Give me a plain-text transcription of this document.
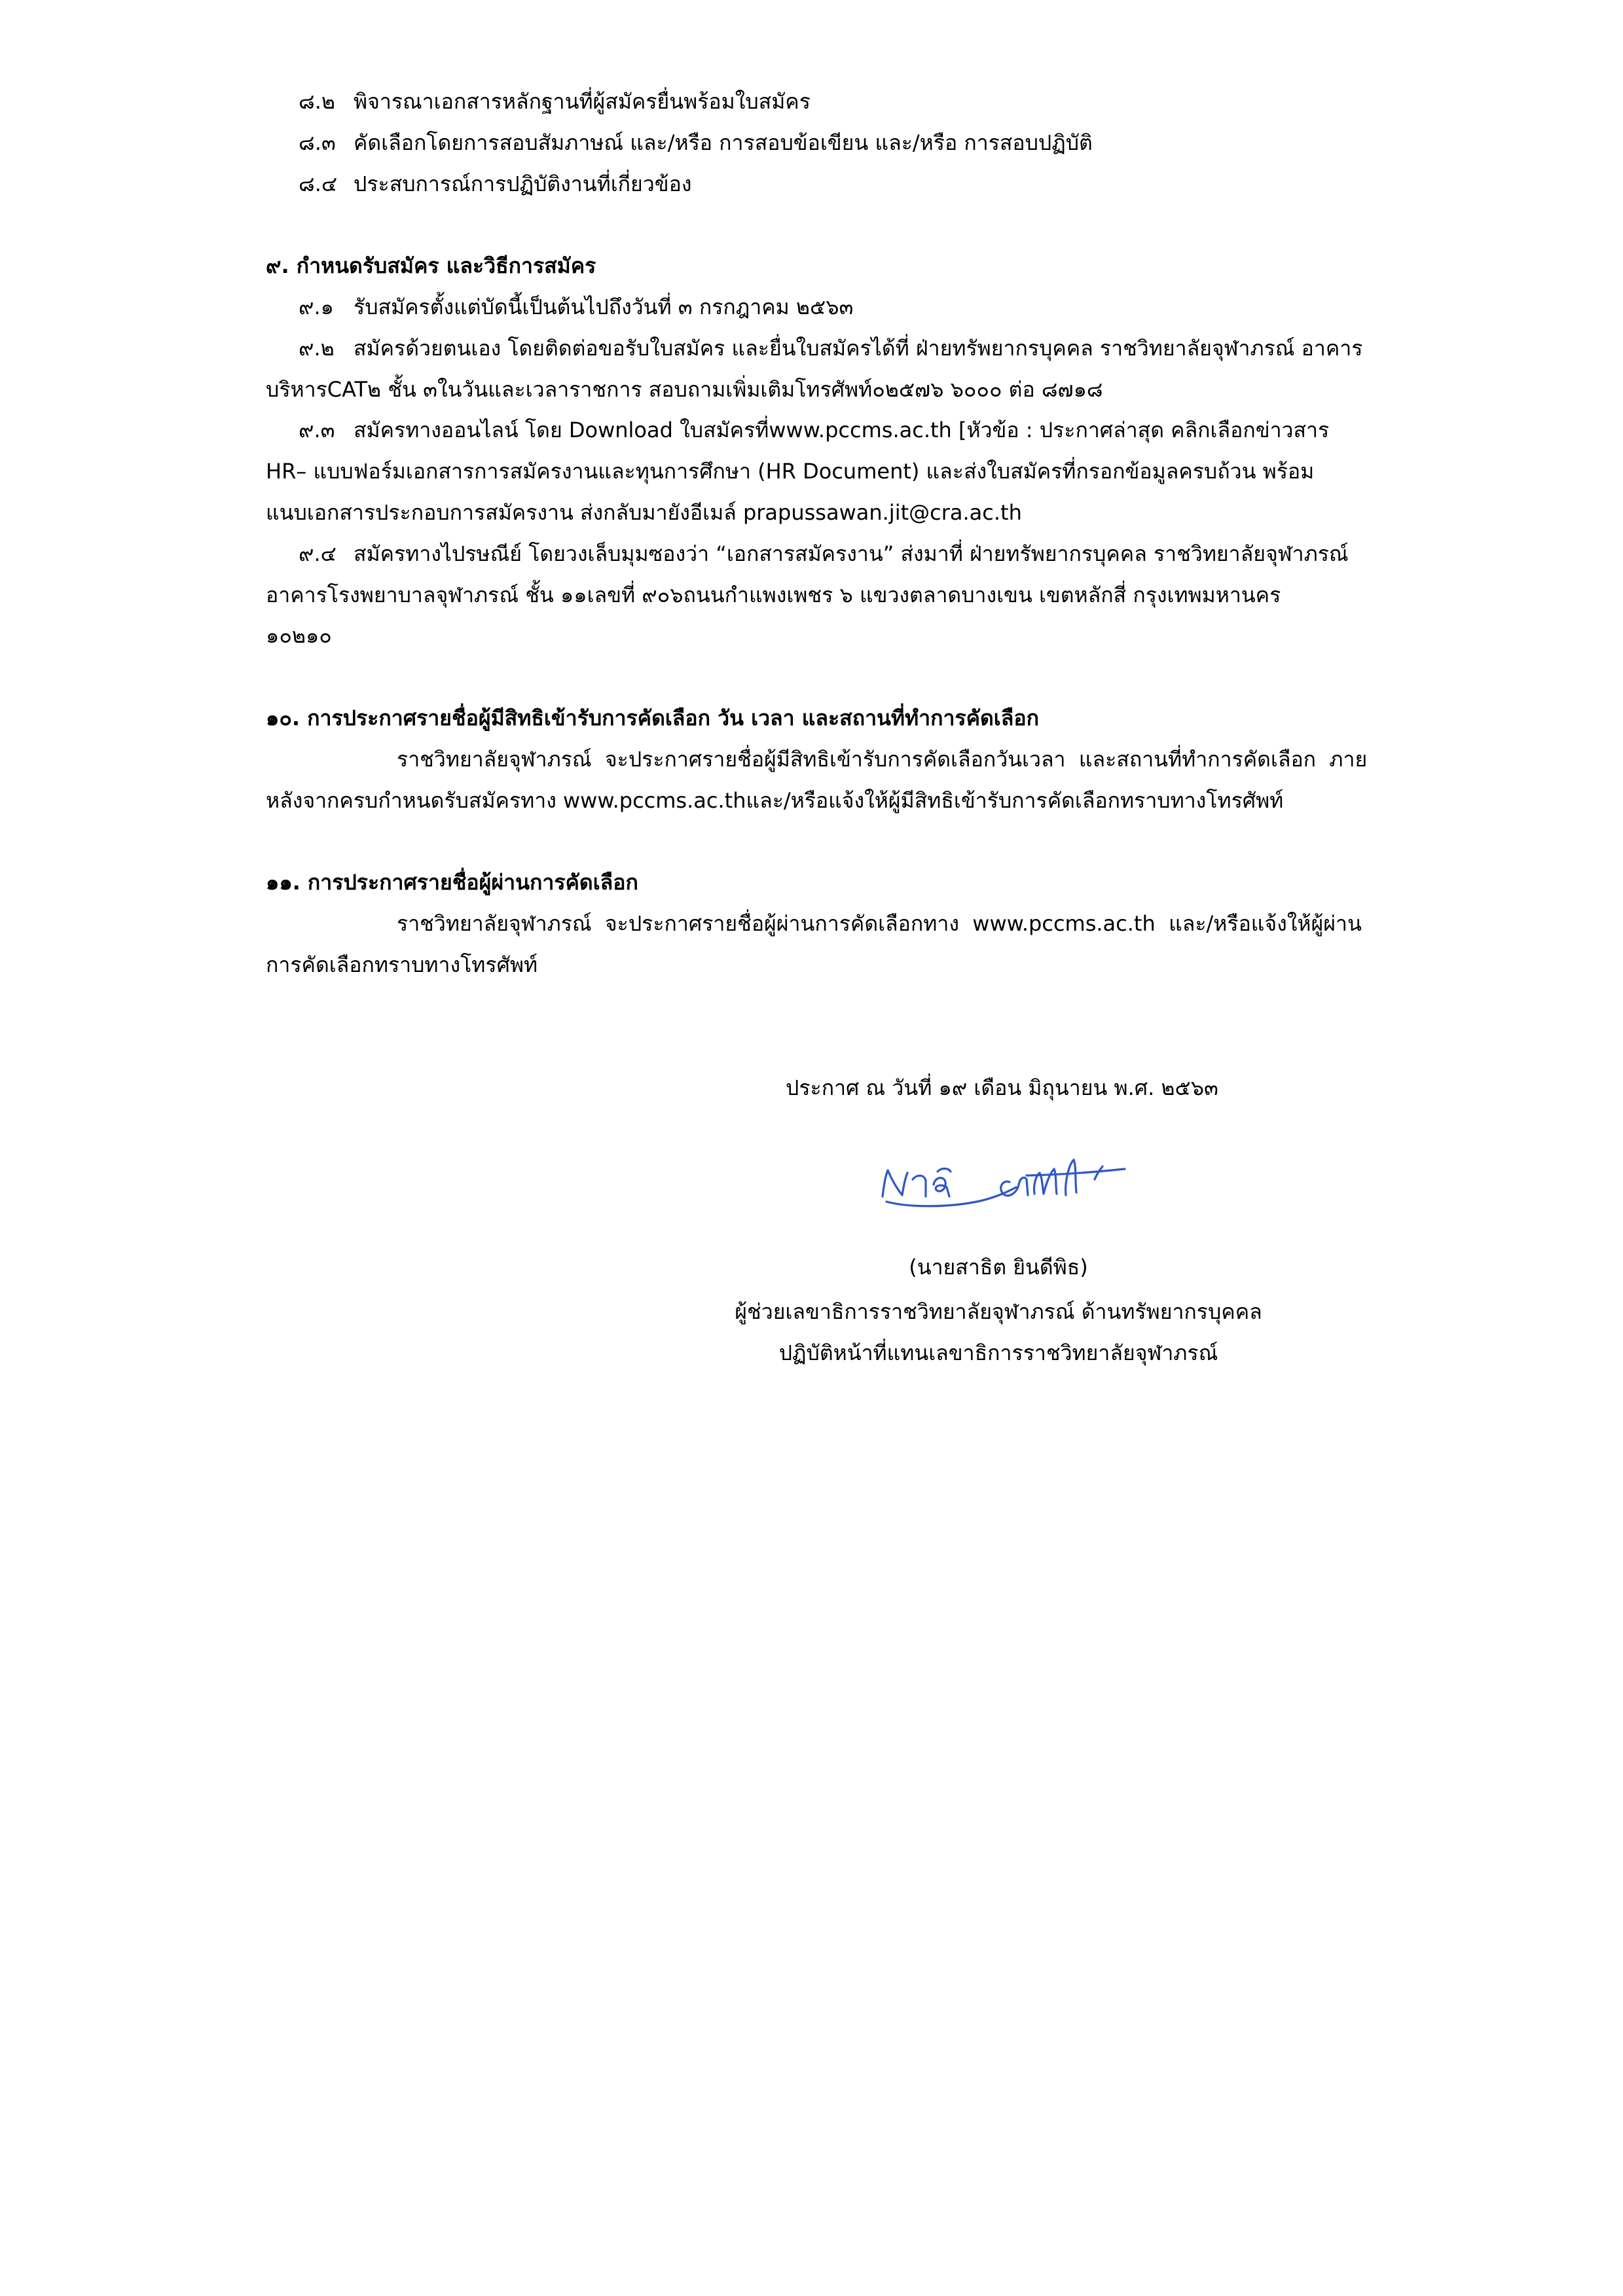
๘.๒ พิจารณาเอกสารหลักฐานที่ผู้สมัครยื่นพร้อมใบสมัคร
๘.๓ คัดเลือกโดยการสอบสัมภาษณ์ และ/หรือ การสอบข้อเขียน และ/หรือ การสอบปฏิบัติ
๘.๔ ประสบการณ์การปฏิบัติงานที่เกี่ยวข้อง
๙. กำหนดรับสมัคร และวิธีการสมัคร
๙.๑ รับสมัครตั้งแต่บัดนี้เป็นต้นไปถึงวันที่ ๓ กรกฎาคม ๒๕๖๓
๙.๒ สมัครด้วยตนเอง โดยติดต่อขอรับใบสมัคร และยื่นใบสมัครได้ที่ ฝ่ายทรัพยากรบุคคล ราชวิทยาลัยจุฬาภรณ์ อาคาร
บริหารCAT๒ ชั้น ๓ในวันและเวลาราชการ สอบถามเพิ่มเติมโทรศัพท์๐๒๕๗๖ ๖๐๐๐ ต่อ ๘๗๑๘
๙.๓ สมัครทางออนไลน์ โดย Download ใบสมัครที่www.pccms.ac.th [หัวข้อ : ประกาศล่าสุด คลิกเลือกข่าวสาร
HR– แบบฟอร์มเอกสารการสมัครงานและทุนการศึกษา (HR Document) และส่งใบสมัครที่กรอกข้อมูลครบถ้วน พร้อม
แนบเอกสารประกอบการสมัครงาน ส่งกลับมายังอีเมล์ prapussawan.jit@cra.ac.th
๙.๔ สมัครทางไปรษณีย์ โดยวงเล็บมุมซองว่า “เอกสารสมัครงาน” ส่งมาที่ ฝ่ายทรัพยากรบุคคล ราชวิทยาลัยจุฬาภรณ์
อาคารโรงพยาบาลจุฬาภรณ์ ชั้น ๑๑เลขที่ ๙๐๖ถนนกำแพงเพชร ๖ แขวงตลาดบางเขน เขตหลักสี่ กรุงเทพมหานคร
๑๐๒๑๐
๑๐. การประกาศรายชื่อผู้มีสิทธิเข้ารับการคัดเลือก วัน เวลา และสถานที่ทำการคัดเลือก
ราชวิทยาลัยจุฬาภรณ์  จะประกาศรายชื่อผู้มีสิทธิเข้ารับการคัดเลือกวันเวลา  และสถานที่ทำการคัดเลือก  ภาย
หลังจากครบกำหนดรับสมัครทาง www.pccms.ac.thและ/หรือแจ้งให้ผู้มีสิทธิเข้ารับการคัดเลือกทราบทางโทรศัพท์
๑๑. การประกาศรายชื่อผู้ผ่านการคัดเลือก
ราชวิทยาลัยจุฬาภรณ์  จะประกาศรายชื่อผู้ผ่านการคัดเลือกทาง  www.pccms.ac.th  และ/หรือแจ้งให้ผู้ผ่าน
การคัดเลือกทราบทางโทรศัพท์
ประกาศ ณ วันที่ ๑๙ เดือน มิถุนายน พ.ศ. ๒๕๖๓
(นายสาธิต ยินดีพิธ)
ผู้ช่วยเลขาธิการราชวิทยาลัยจุฬาภรณ์ ด้านทรัพยากรบุคคล
ปฏิบัติหน้าที่แทนเลขาธิการราชวิทยาลัยจุฬาภรณ์
